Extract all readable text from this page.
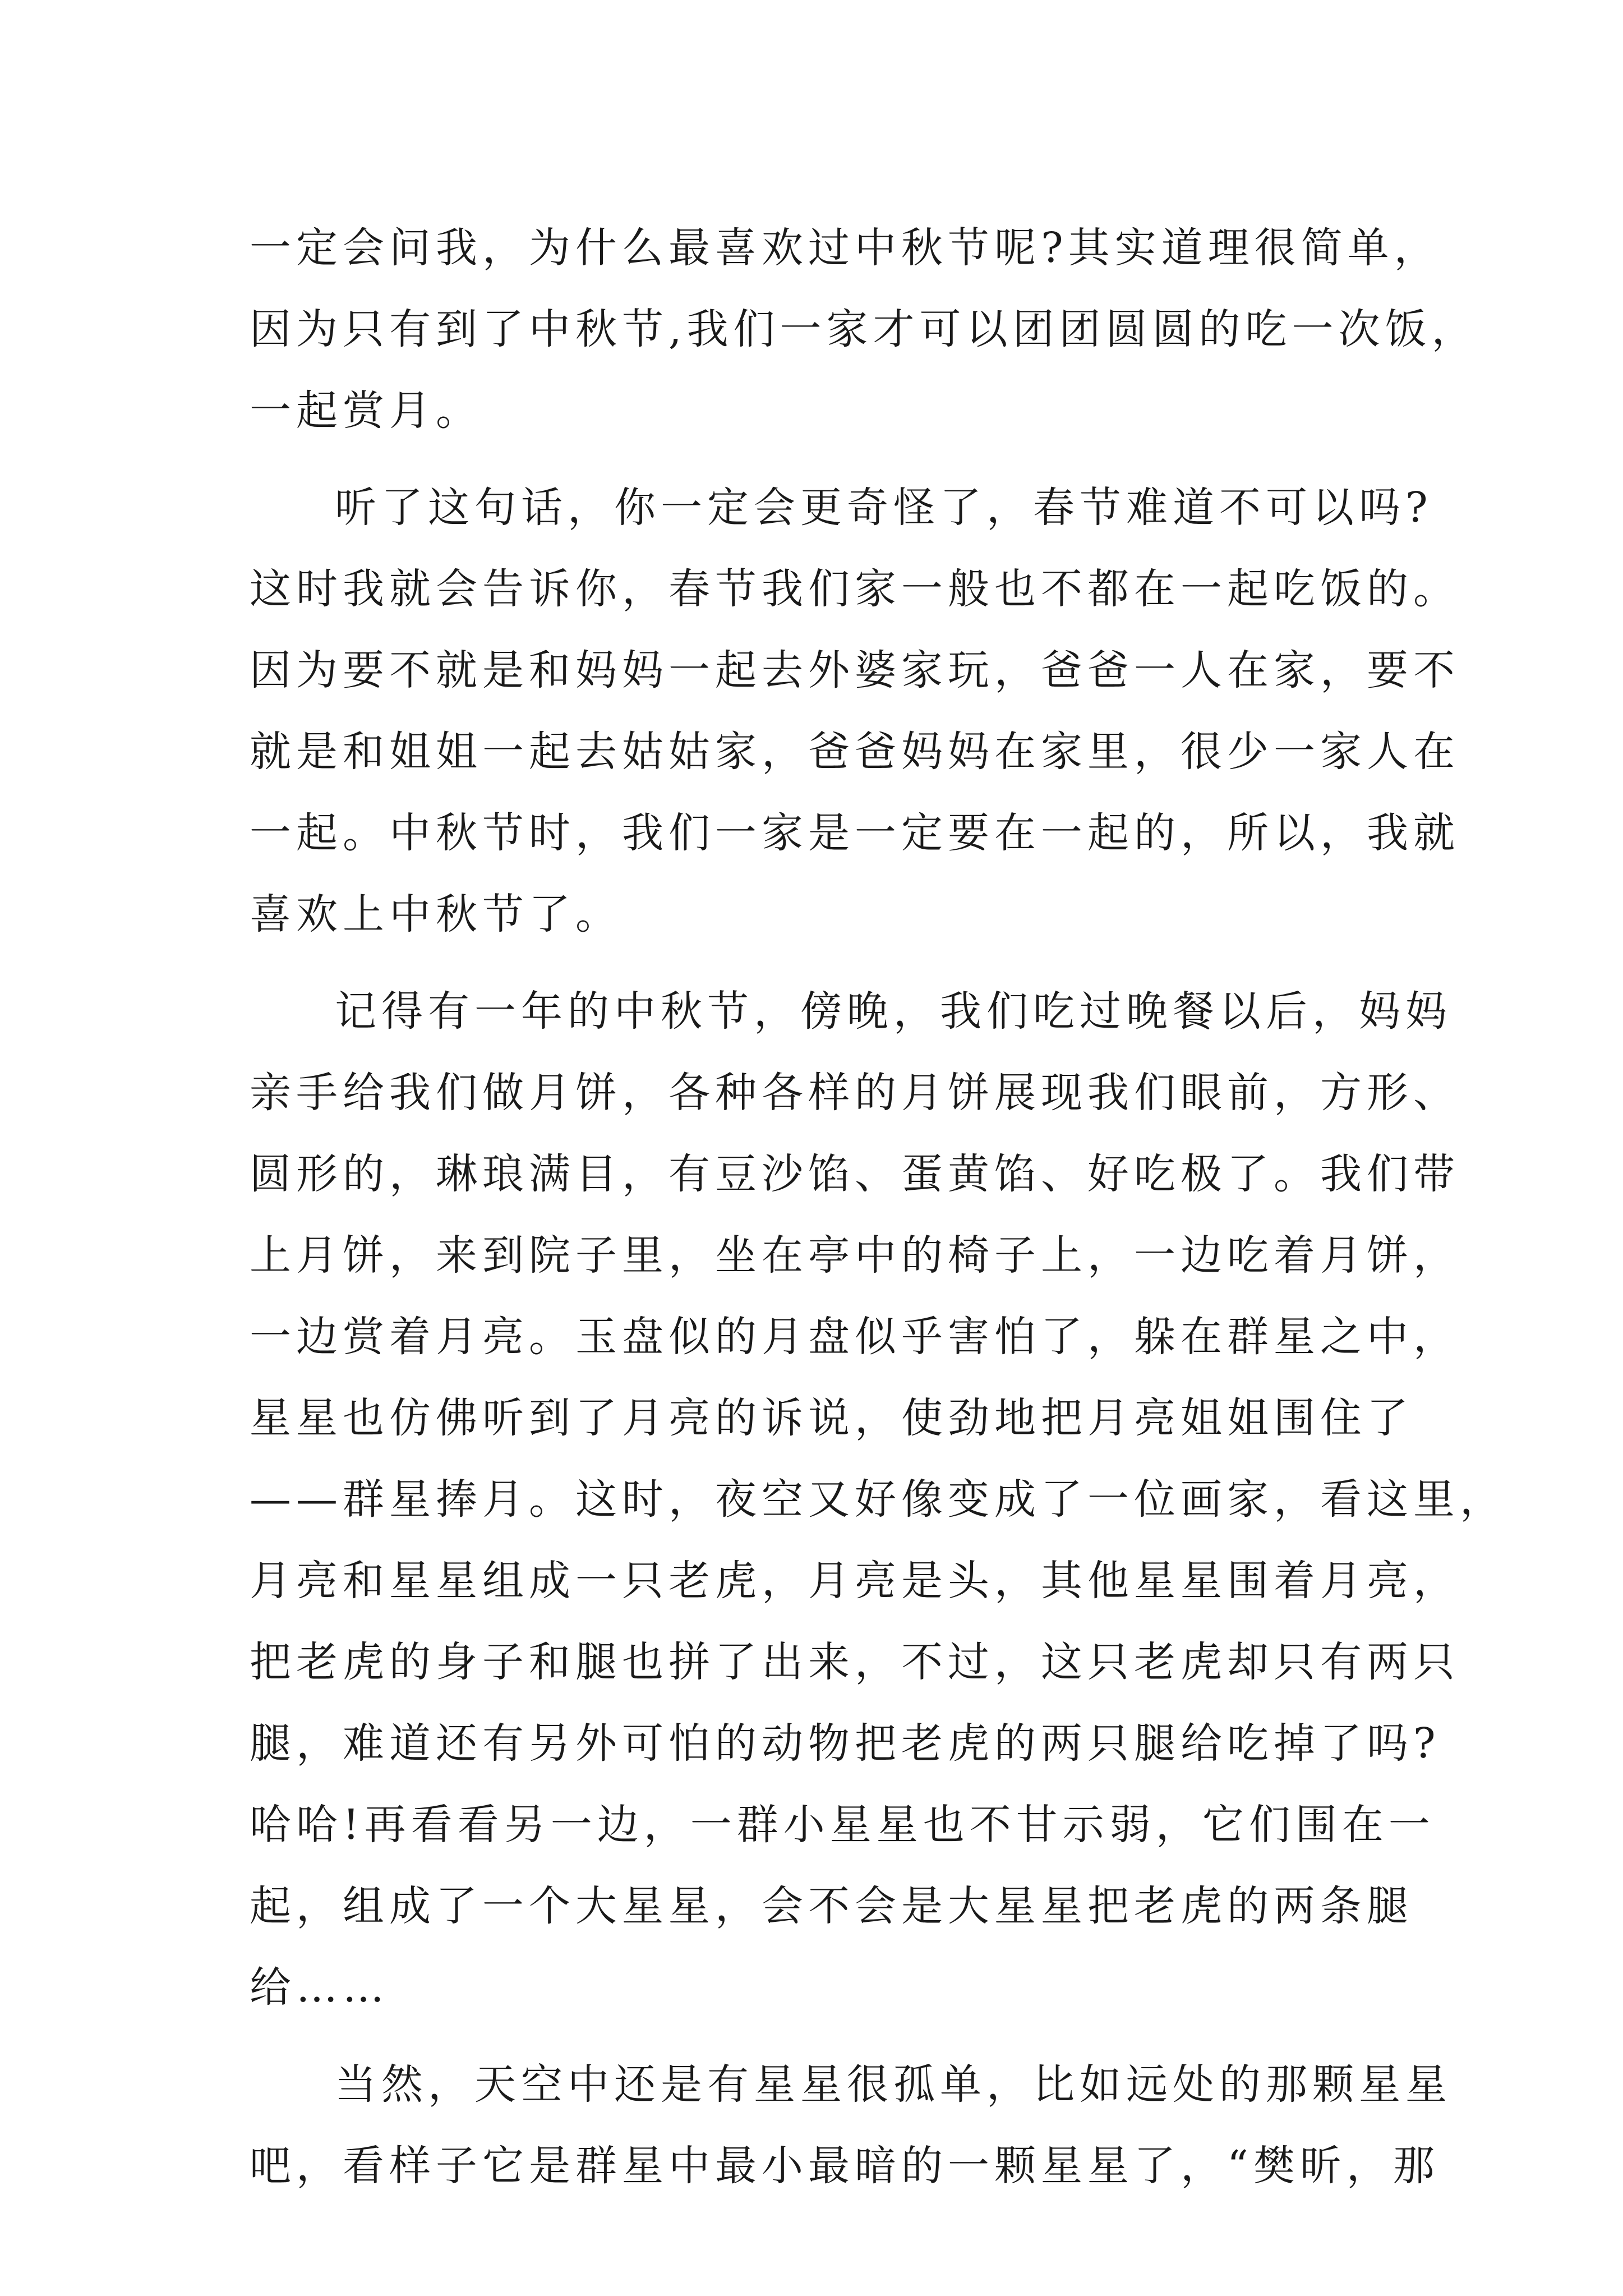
一定会问我，为什么最喜欢过中秋节呢?其实道理很简单，
因为只有到了中秋节,我们一家才可以团团圆圆的吃一次饭，
一起赏月。
听了这句话，你一定会更奇怪了，春节难道不可以吗?
这时我就会告诉你，春节我们家一般也不都在一起吃饭的。
因为要不就是和妈妈一起去外婆家玩，爸爸一人在家，要不
就是和姐姐一起去姑姑家，爸爸妈妈在家里，很少一家人在
一起。中秋节时，我们一家是一定要在一起的，所以，我就
喜欢上中秋节了。
记得有一年的中秋节，傍晚，我们吃过晚餐以后，妈妈
亲手给我们做月饼，各种各样的月饼展现我们眼前，方形、
圆形的，琳琅满目，有豆沙馅、蛋黄馅、好吃极了。我们带
上月饼，来到院子里，坐在亭中的椅子上，一边吃着月饼，
一边赏着月亮。玉盘似的月盘似乎害怕了，躲在群星之中，
星星也仿佛听到了月亮的诉说，使劲地把月亮姐姐围住了
——群星捧月。这时，夜空又好像变成了一位画家，看这里，
月亮和星星组成一只老虎，月亮是头，其他星星围着月亮，
把老虎的身子和腿也拼了出来，不过，这只老虎却只有两只
腿，难道还有另外可怕的动物把老虎的两只腿给吃掉了吗?
哈哈!再看看另一边，一群小星星也不甘示弱，它们围在一
起，组成了一个大星星，会不会是大星星把老虎的两条腿
给……
当然，天空中还是有星星很孤单，比如远处的那颗星星
吧，看样子它是群星中最小最暗的一颗星星了，“樊昕，那
